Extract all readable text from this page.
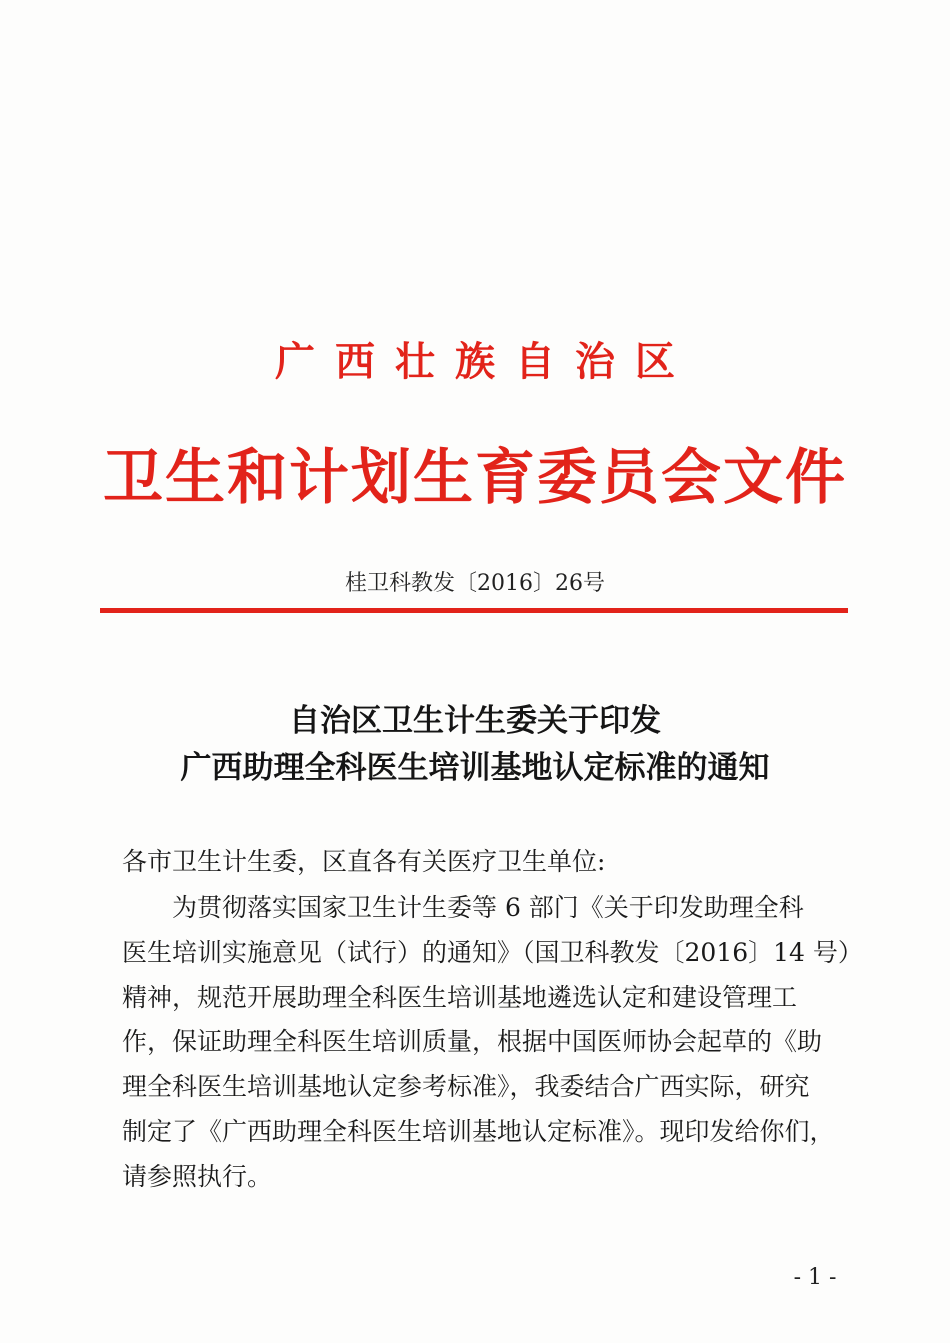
广西壮族自治区
卫生和计划生育委员会文件
桂卫科教发〔2016〕26号
自治区卫生计生委关于印发
广西助理全科医生培训基地认定标准的通知
各市卫生计生委，区直各有关医疗卫生单位:
　　为贯彻落实国家卫生计生委等 6 部门《关于印发助理全科
医生培训实施意见（试行）的通知》（国卫科教发〔2016〕14 号）
精神，规范开展助理全科医生培训基地遴选认定和建设管理工
作，保证助理全科医生培训质量，根据中国医师协会起草的《助
理全科医生培训基地认定参考标准》，我委结合广西实际，研究
制定了《广西助理全科医生培训基地认定标准》。现印发给你们，
请参照执行。
- 1 -
